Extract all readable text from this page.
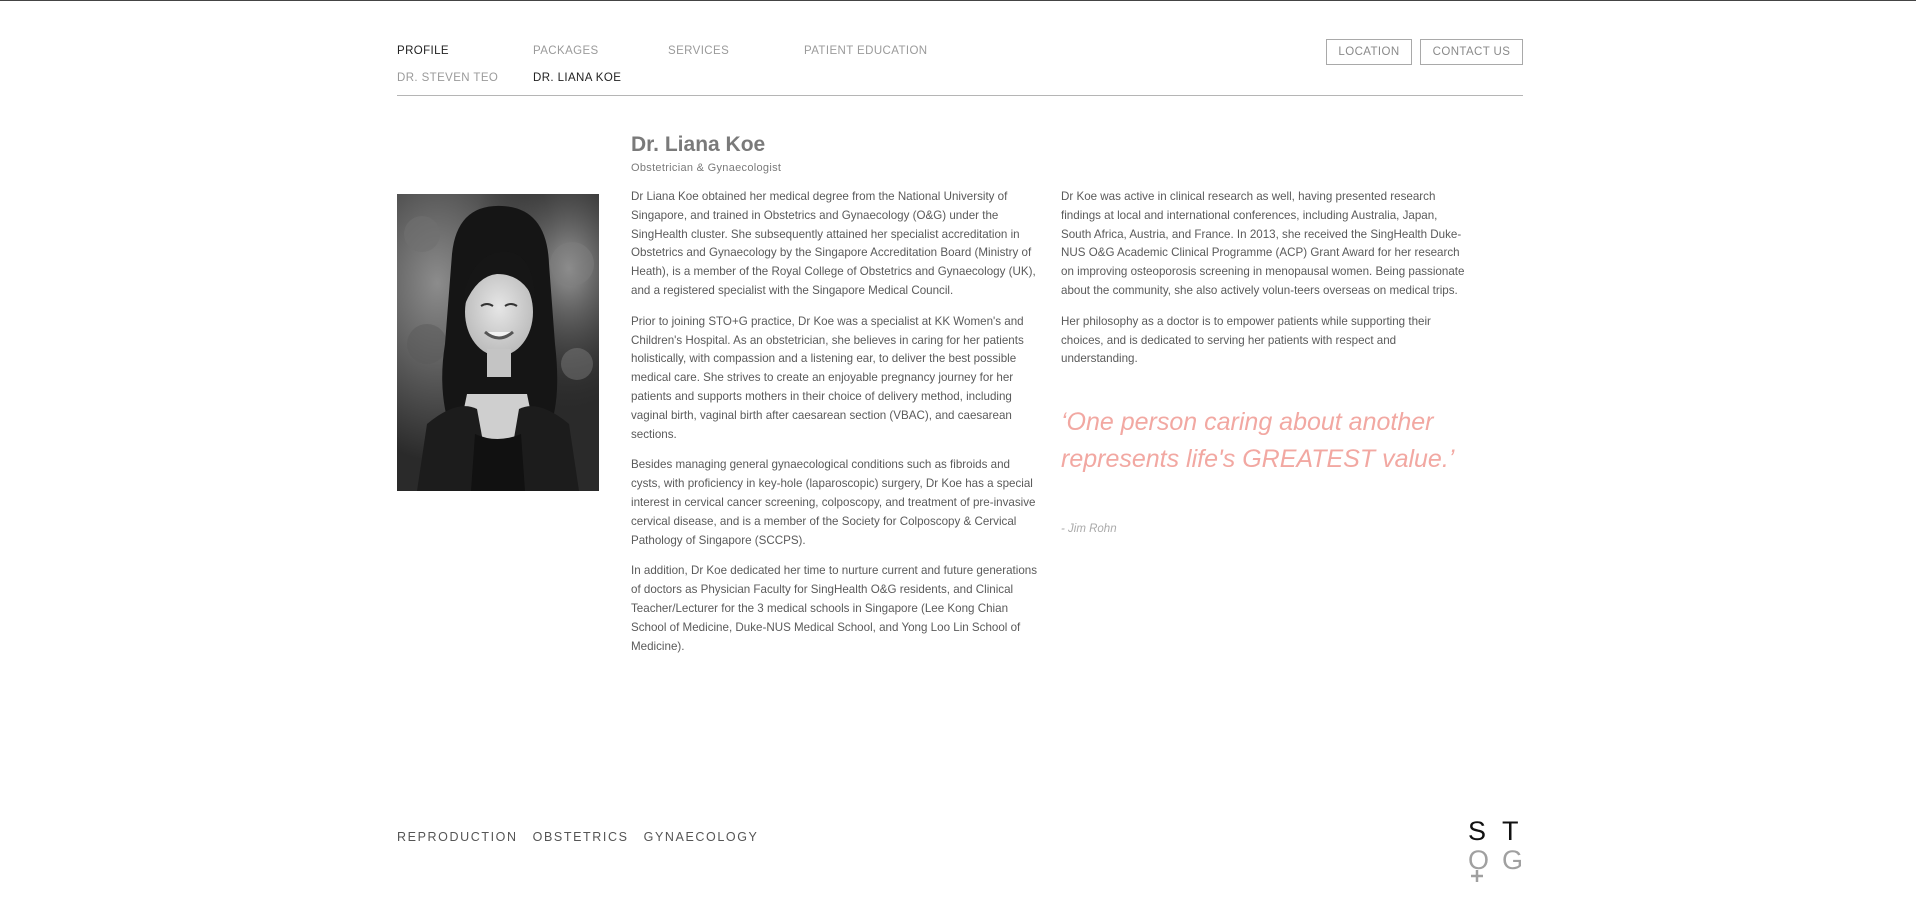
PROFILE	PACKAGES	SERVICES	PATIENT EDUCATION
DR. STEVEN TEO	DR. LIANA KOE
LOCATION	CONTACT US
Dr. Liana Koe
Obstetrician & Gynaecologist

Dr Liana Koe obtained her medical degree from the National University of Singapore, and trained in Obstetrics and Gynaecology (O&G) under the SingHealth cluster. She subsequently attained her specialist accreditation in Obstetrics and Gynaecology by the Singapore Accreditation Board (Ministry of Heath), is a member of the Royal College of Obstetrics and Gynaecology (UK), and a registered specialist with the Singapore Medical Council.

Prior to joining STO+G practice, Dr Koe was a specialist at KK Women's and Children's Hospital. As an obstetrician, she believes in caring for her patients holistically, with compassion and a listening ear, to deliver the best possible medical care. She strives to create an enjoyable pregnancy journey for her patients and supports mothers in their choice of delivery method, including vaginal birth, vaginal birth after caesarean section (VBAC), and caesarean sections.

Besides managing general gynaecological conditions such as fibroids and cysts, with proficiency in key-hole (laparoscopic) surgery, Dr Koe has a special interest in cervical cancer screening, colposcopy, and treatment of pre-invasive cervical disease, and is a member of the Society for Colposcopy & Cervical Pathology of Singapore (SCCPS).

In addition, Dr Koe dedicated her time to nurture current and future generations of doctors as Physician Faculty for SingHealth O&G residents, and Clinical Teacher/Lecturer for the 3 medical schools in Singapore (Lee Kong Chian School of Medicine, Duke-NUS Medical School, and Yong Loo Lin School of Medicine).

Dr Koe was active in clinical research as well, having presented research findings at local and international conferences, including Australia, Japan, South Africa, Austria, and France. In 2013, she received the SingHealth Duke-NUS O&G Academic Clinical Programme (ACP) Grant Award for her research on improving osteoporosis screening in menopausal women. Being passionate about the community, she also actively volun-teers overseas on medical trips.

Her philosophy as a doctor is to empower patients while supporting their choices, and is dedicated to serving her patients with respect and understanding.

‘One person caring about another represents life's GREATEST value.’
- Jim Rohn
REPRODUCTION OBSTETRICS GYNAECOLOGY	S T
O G
